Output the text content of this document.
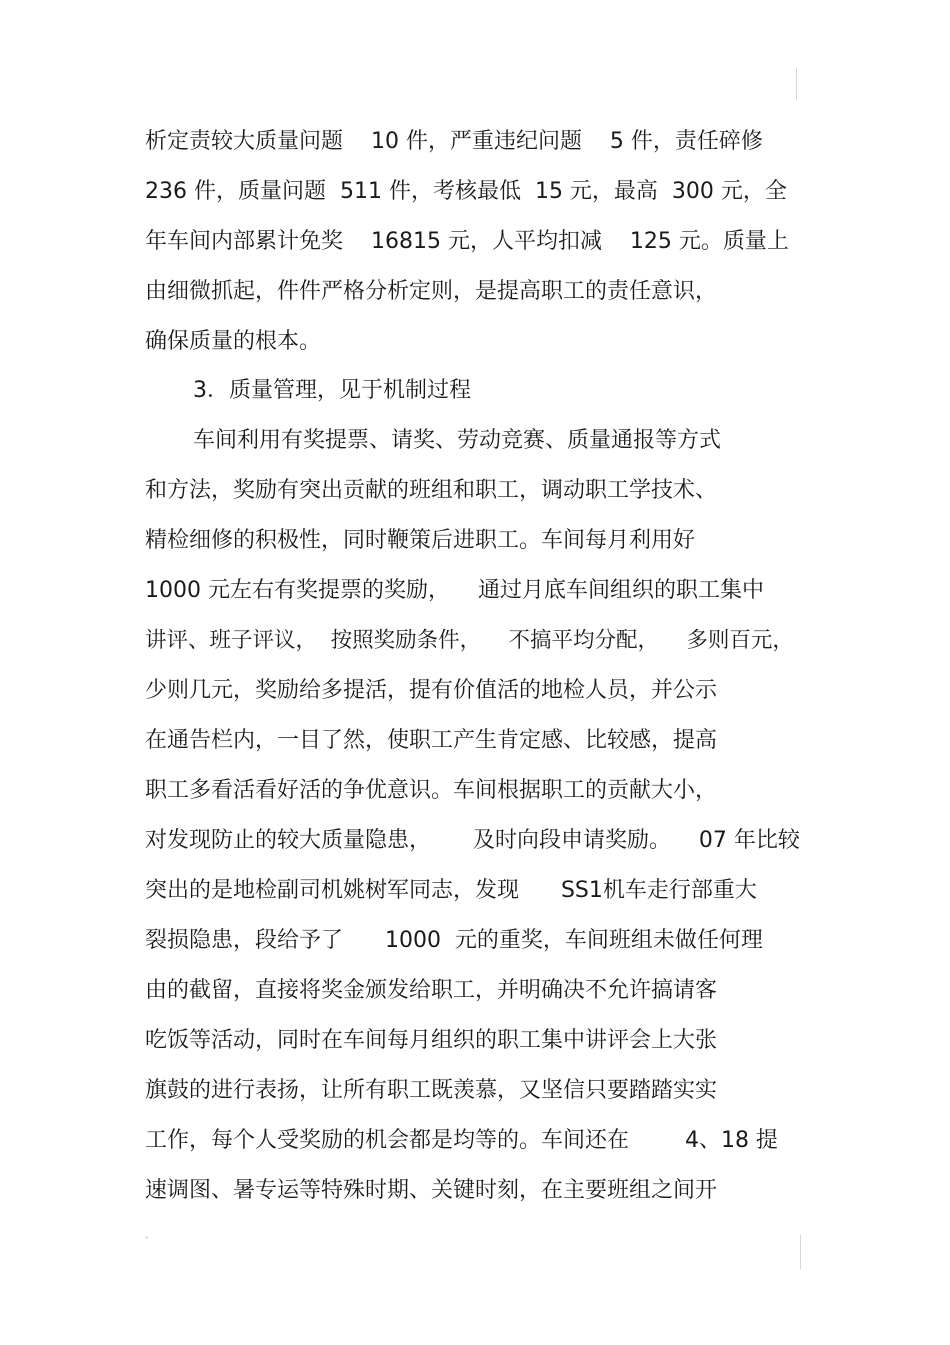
析定责较大质量问题    10 件，严重违纪问题    5 件，责任碎修
236 件，质量问题  511 件，考核最低  15 元，最高  300 元，全
年车间内部累计免奖    16815 元，人平均扣减    125 元。质量上
由细微抓起，件件严格分析定则，是提高职工的责任意识，
确保质量的根本。
3．质量管理，见于机制过程
车间利用有奖提票、请奖、劳动竞赛、质量通报等方式
和方法，奖励有突出贡献的班组和职工，调动职工学技术、
精检细修的积极性，同时鞭策后进职工。车间每月利用好
1000 元左右有奖提票的奖励，    通过月底车间组织的职工集中
讲评、班子评议，  按照奖励条件，    不搞平均分配，    多则百元，
少则几元，奖励给多提活，提有价值活的地检人员，并公示
在通告栏内，一目了然，使职工产生肯定感、比较感，提高
职工多看活看好活的争优意识。车间根据职工的贡献大小，
对发现防止的较大质量隐患，      及时向段申请奖励。    07 年比较
突出的是地检副司机姚树军同志，发现      SS1机车走行部重大
裂损隐患，段给予了      1000  元的重奖，车间班组未做任何理
由的截留，直接将奖金颁发给职工，并明确决不允许搞请客
吃饭等活动，同时在车间每月组织的职工集中讲评会上大张
旗鼓的进行表扬，让所有职工既羡慕，又坚信只要踏踏实实
工作，每个人受奖励的机会都是均等的。车间还在        4、18 提
速调图、暑专运等特殊时期、关键时刻，在主要班组之间开
